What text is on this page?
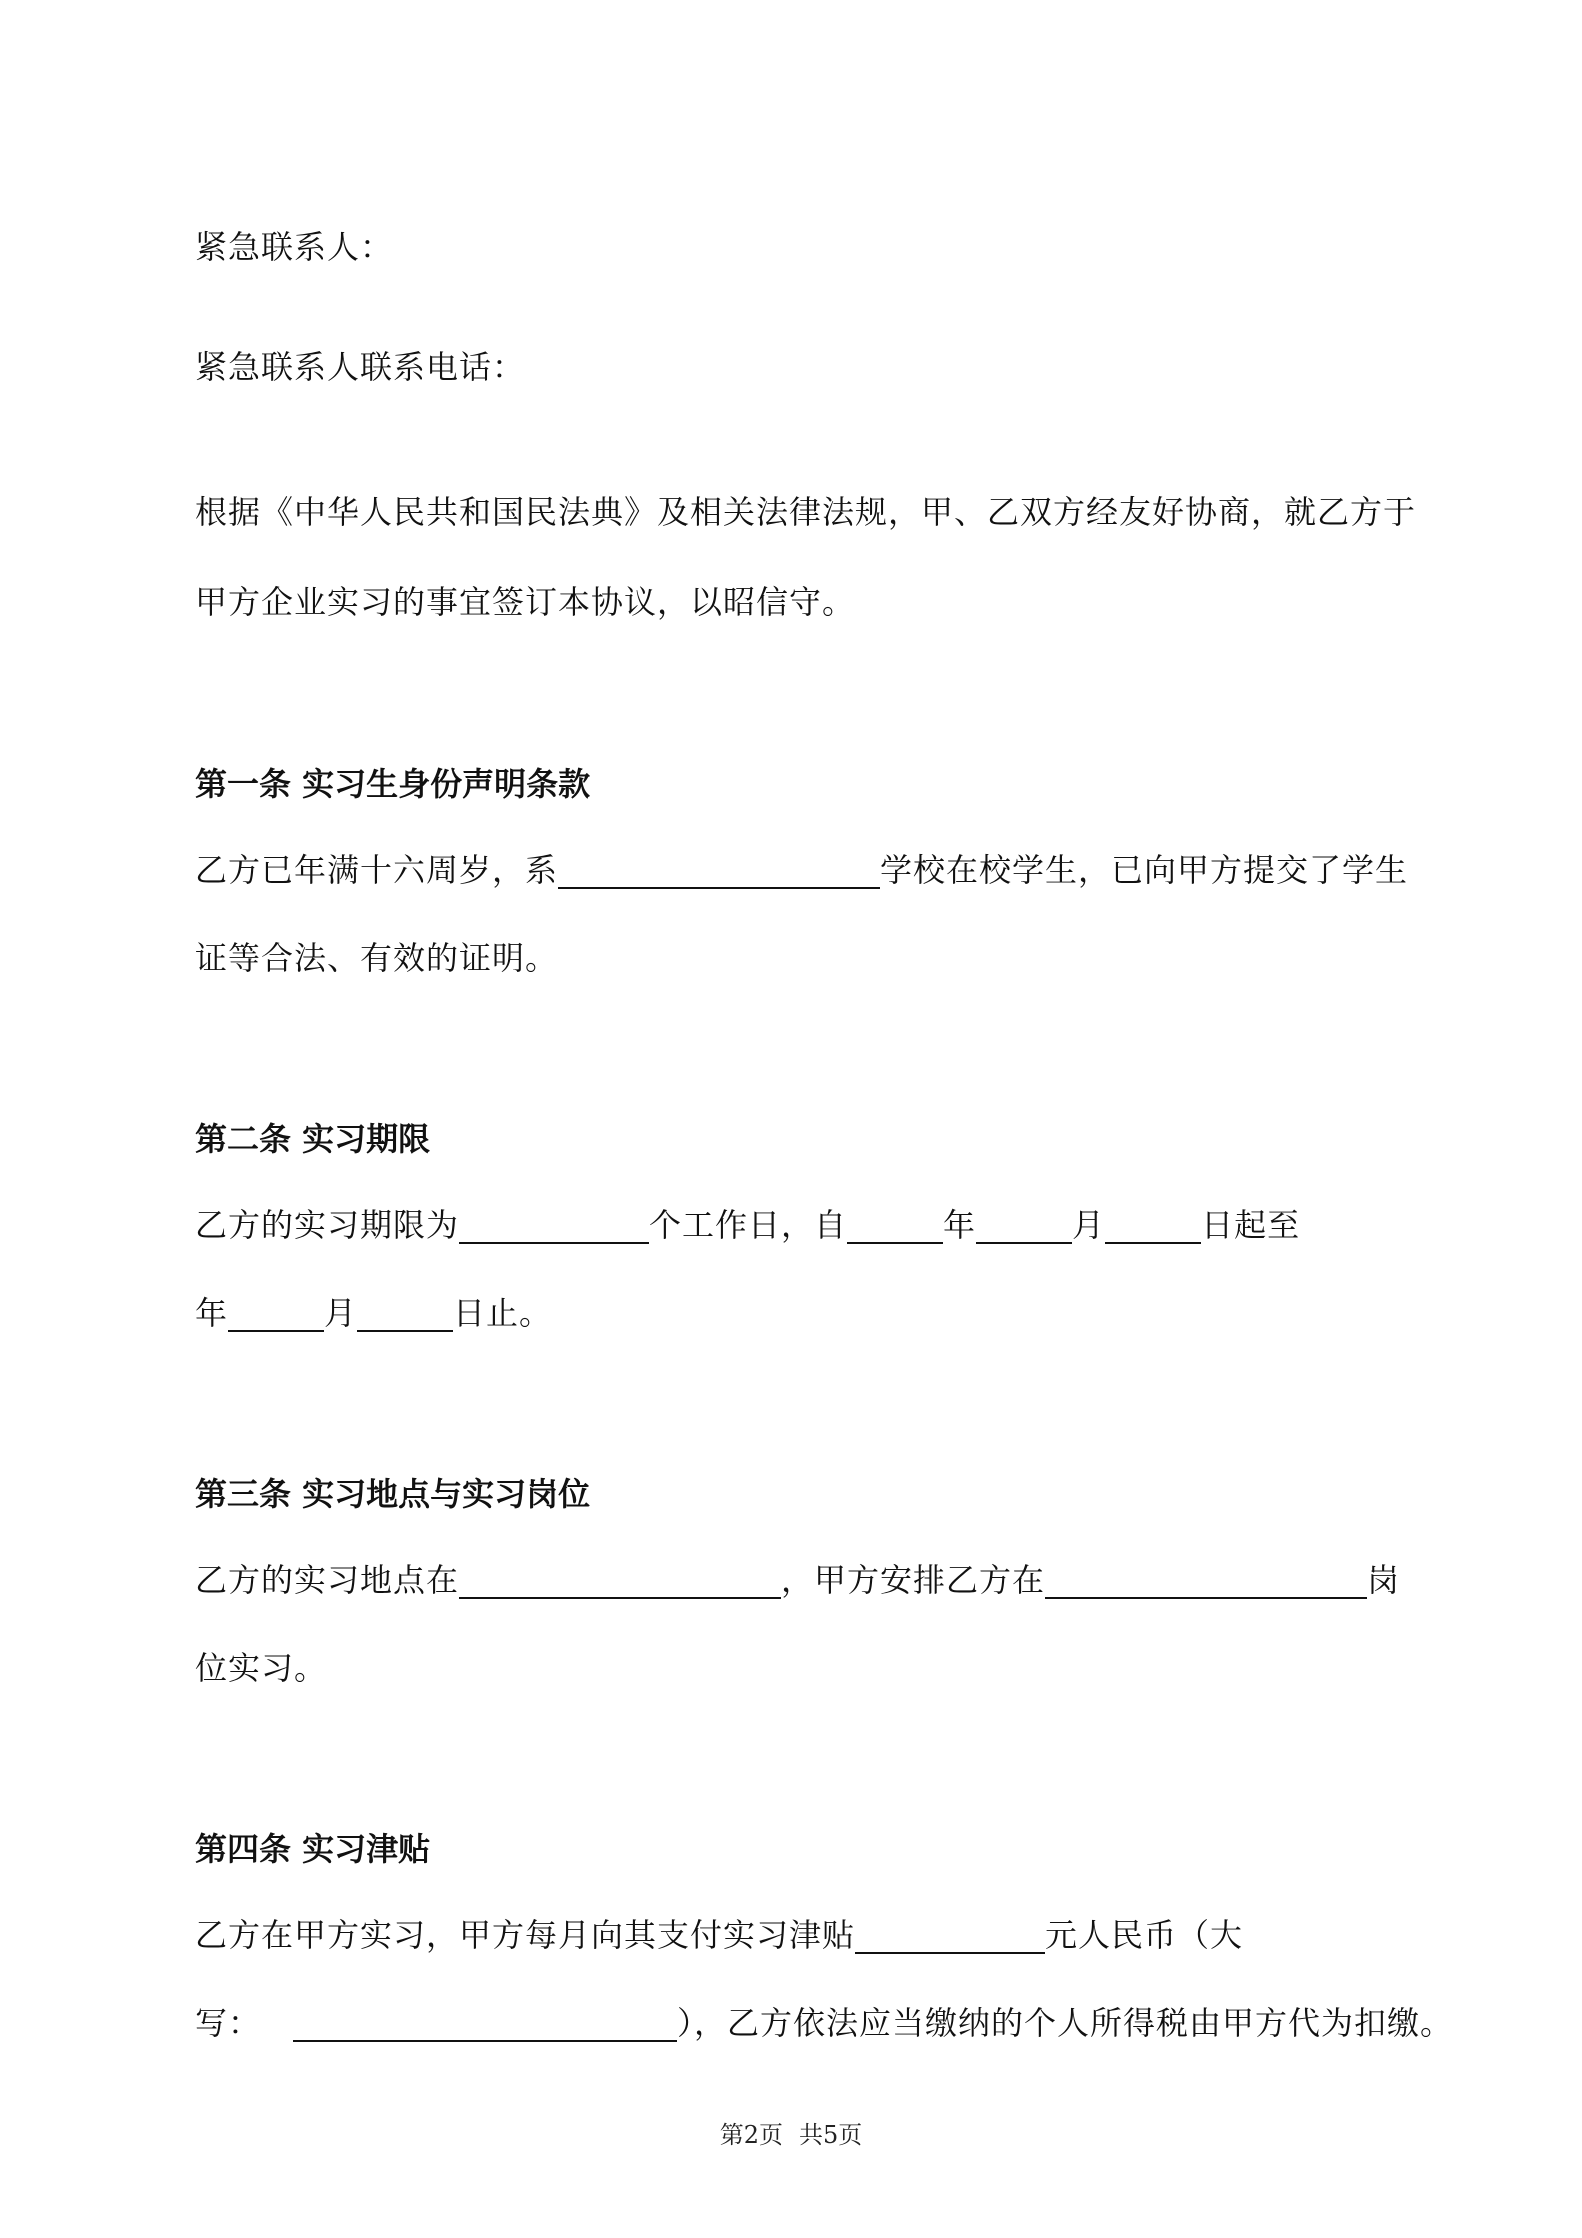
紧急联系人：
紧急联系人联系电话：
根据《中华人民共和国民法典》及相关法律法规，甲、乙双方经友好协商，就乙方于
甲方企业实习的事宜签订本协议，以昭信守。
第一条 实习生身份声明条款
乙方已年满十六周岁，系	学校在校学生，已向甲方提交了学生
证等合法、有效的证明。
第二条 实习期限
乙方的实习期限为	个工作日，自	年	月	日起至
年	月	日止。
第三条 实习地点与实习岗位
乙方的实习地点在	，甲方安排乙方在	岗
位实习。
第四条 实习津贴
乙方在甲方实习，甲方每月向其支付实习津贴	元人民币（大
写：	），乙方依法应当缴纳的个人所得税由甲方代为扣缴。
第2页 共5页
